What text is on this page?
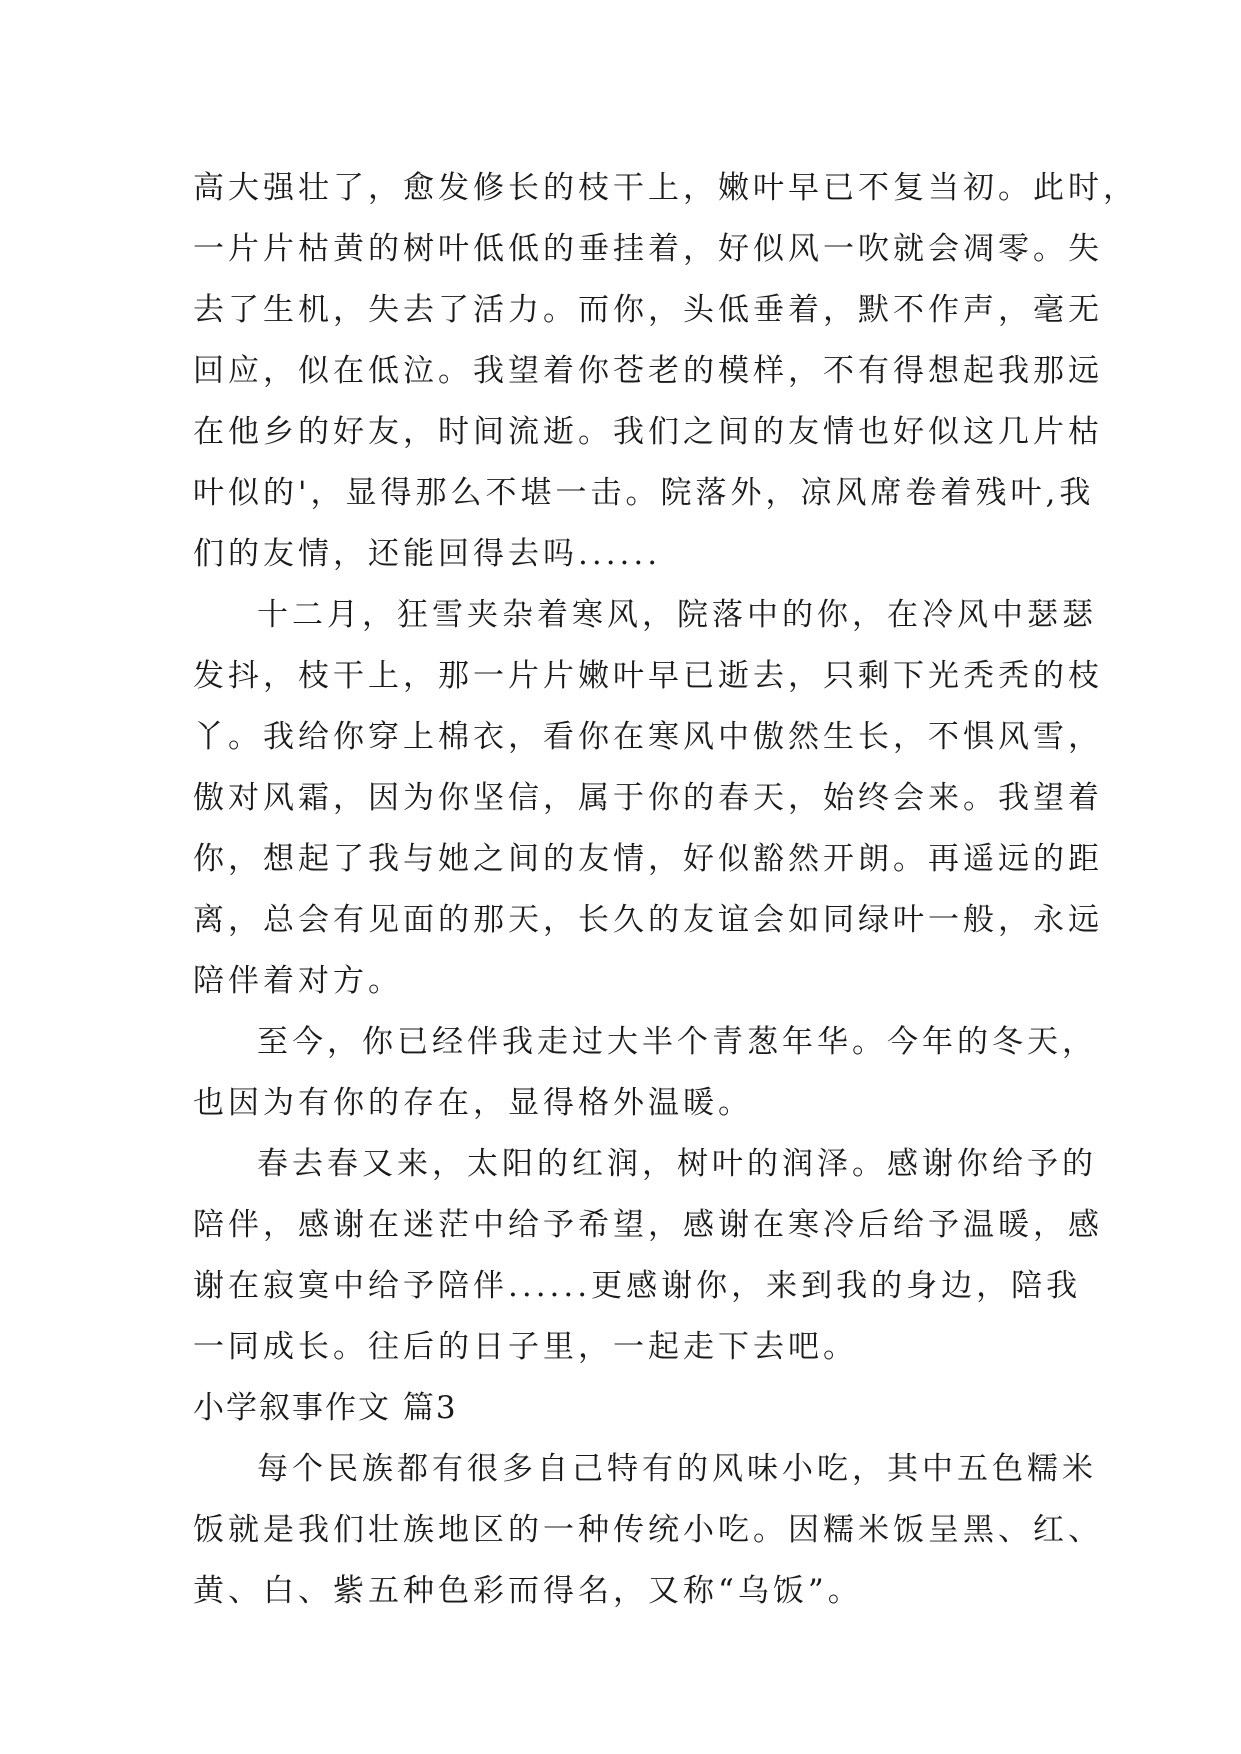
高大强壮了，愈发修长的枝干上，嫩叶早已不复当初。此时，
一片片枯黄的树叶低低的垂挂着，好似风一吹就会凋零。失
去了生机，失去了活力。而你，头低垂着，默不作声，毫无
回应，似在低泣。我望着你苍老的模样，不有得想起我那远
在他乡的好友，时间流逝。我们之间的友情也好似这几片枯
叶似的'，显得那么不堪一击。院落外，凉风席卷着残叶,我
们的友情，还能回得去吗......
十二月，狂雪夹杂着寒风，院落中的你，在冷风中瑟瑟
发抖，枝干上，那一片片嫩叶早已逝去，只剩下光秃秃的枝
丫。我给你穿上棉衣，看你在寒风中傲然生长，不惧风雪，
傲对风霜，因为你坚信，属于你的春天，始终会来。我望着
你，想起了我与她之间的友情，好似豁然开朗。再遥远的距
离，总会有见面的那天，长久的友谊会如同绿叶一般，永远
陪伴着对方。
至今，你已经伴我走过大半个青葱年华。今年的冬天，
也因为有你的存在，显得格外温暖。
春去春又来，太阳的红润，树叶的润泽。感谢你给予的
陪伴，感谢在迷茫中给予希望，感谢在寒冷后给予温暖，感
谢在寂寞中给予陪伴......更感谢你，来到我的身边，陪我
一同成长。往后的日子里，一起走下去吧。
小学叙事作文 篇3
每个民族都有很多自己特有的风味小吃，其中五色糯米
饭就是我们壮族地区的一种传统小吃。因糯米饭呈黑、红、
黄、白、紫五种色彩而得名，又称“乌饭”。
